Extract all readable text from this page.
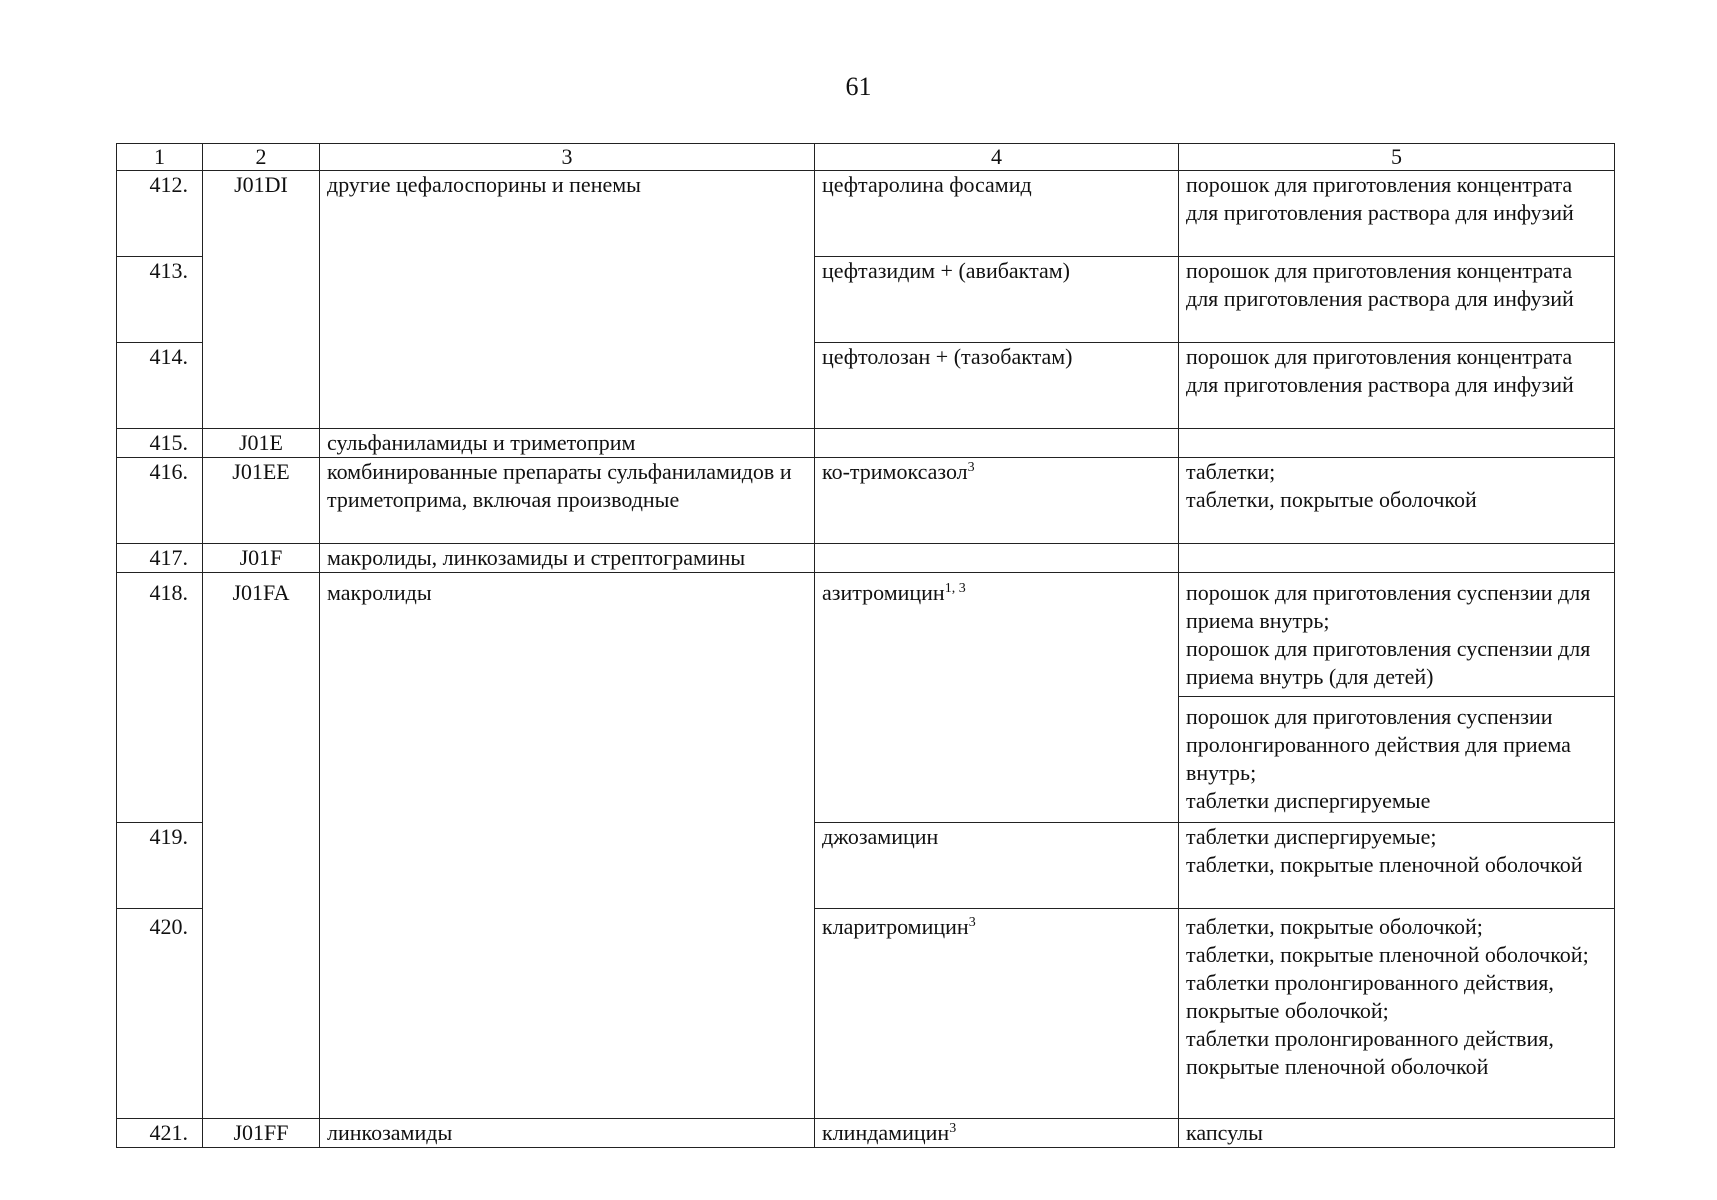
61
1	2	3	4	5
412.	J01DI	другие цефалоспорины и пенемы	цефтаролина фосамид	порошок для приготовления концентрата для приготовления раствора для инфузий
413.			цефтазидим + (авибактам)	порошок для приготовления концентрата для приготовления раствора для инфузий
414.			цефтолозан + (тазобактам)	порошок для приготовления концентрата для приготовления раствора для инфузий
415.	J01E	сульфаниламиды и триметоприм		
416.	J01EE	комбинированные препараты сульфаниламидов и триметоприма, включая производные	ко-тримоксазол$^3$	таблетки;
таблетки, покрытые оболочкой

417.	J01F	макролиды, линкозамиды и стрептограмины		
418.	J01FA	макролиды	азитромицин$^{1, 3}$	порошок для приготовления суспензии для приема внутрь;
порошок для приготовления суспензии для приема внутрь (для детей)
порошок для приготовления суспензии пролонгированного действия для приема внутрь;
таблетки диспергируемые

419.			джозамицин	таблетки диспергируемые;
таблетки, покрытые пленочной оболочкой

420.			кларитромицин$^3$	таблетки, покрытые оболочкой;
таблетки, покрытые пленочной оболочкой;
таблетки пролонгированного действия, покрытые оболочкой;
таблетки пролонгированного действия, покрытые пленочной оболочкой

421.	J01FF	линкозамиды	клиндамицин$^3$	капсулы
